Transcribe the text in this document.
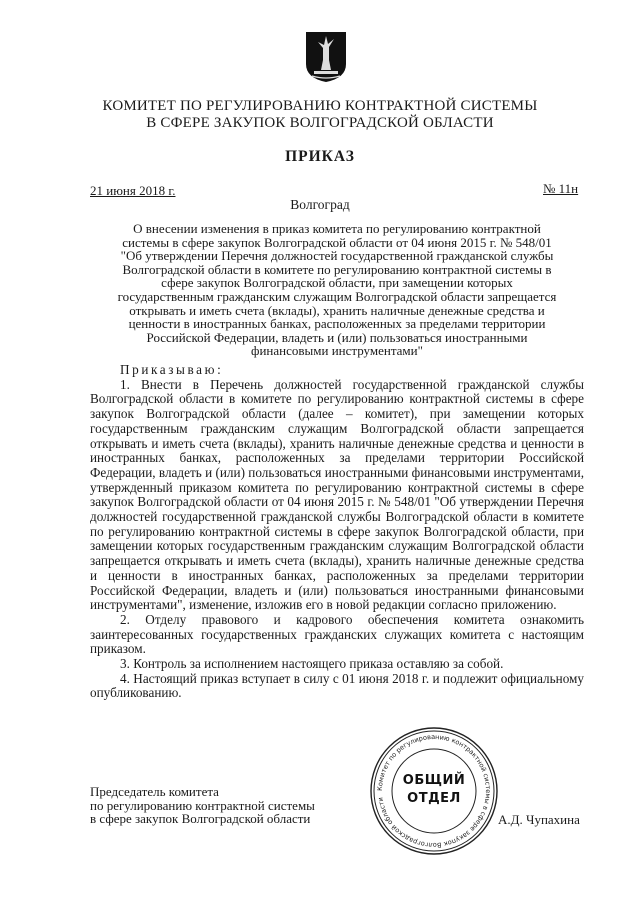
КОМИТЕТ ПО РЕГУЛИРОВАНИЮ КОНТРАКТНОЙ СИСТЕМЫ
В СФЕРЕ ЗАКУПОК ВОЛГОГРАДСКОЙ ОБЛАСТИ
ПРИКАЗ
21 июня 2018 г.	№ 11н
Волгоград
О внесении изменения в приказ комитета по регулированию контрактной
системы в сфере закупок Волгоградской области от 04 июня 2015 г. № 548/01
"Об утверждении Перечня должностей государственной гражданской службы
Волгоградской области в комитете по регулированию контрактной системы в
сфере закупок Волгоградской области, при замещении которых
государственным гражданским служащим Волгоградской области запрещается
открывать и иметь счета (вклады), хранить наличные денежные средства и
ценности в иностранных банках, расположенных за пределами территории
Российской Федерации, владеть и (или) пользоваться иностранными
финансовыми инструментами"

Приказываю:

1. Внести в Перечень должностей государственной гражданской службы Волгоградской области в комитете по регулированию контрактной системы в сфере закупок Волгоградской области (далее – комитет), при замещении которых государственным гражданским служащим Волгоградской области запрещается открывать и иметь счета (вклады), хранить наличные денежные средства и ценности в иностранных банках, расположенных за пределами территории Российской Федерации, владеть и (или) пользоваться иностранными финансовыми инструментами, утвержденный приказом комитета по регулированию контрактной системы в сфере закупок Волгоградской области от 04 июня 2015 г. № 548/01 "Об утверждении Перечня должностей государственной гражданской службы Волгоградской области в комитете по регулированию контрактной системы в сфере закупок Волгоградской области, при замещении которых государственным гражданским служащим Волгоградской области запрещается открывать и иметь счета (вклады), хранить наличные денежные средства и ценности в иностранных банках, расположенных за пределами территории Российской Федерации, владеть и (или) пользоваться иностранными финансовыми инструментами", изменение, изложив его в новой редакции согласно приложению.

2. Отделу правового и кадрового обеспечения комитета ознакомить заинтересованных государственных гражданских служащих комитета с настоящим приказом.

3. Контроль за исполнением настоящего приказа оставляю за собой.

4. Настоящий приказ вступает в силу с 01 июня 2018 г. и подлежит официальному опубликованию.

Председатель комитета
по регулированию контрактной системы
в сфере закупок Волгоградской области
Комитет по регулированию контрактной системы в сфере закупок Волгоградской области
ОБЩИЙ
ОТДЕЛ
А.Д. Чупахина
